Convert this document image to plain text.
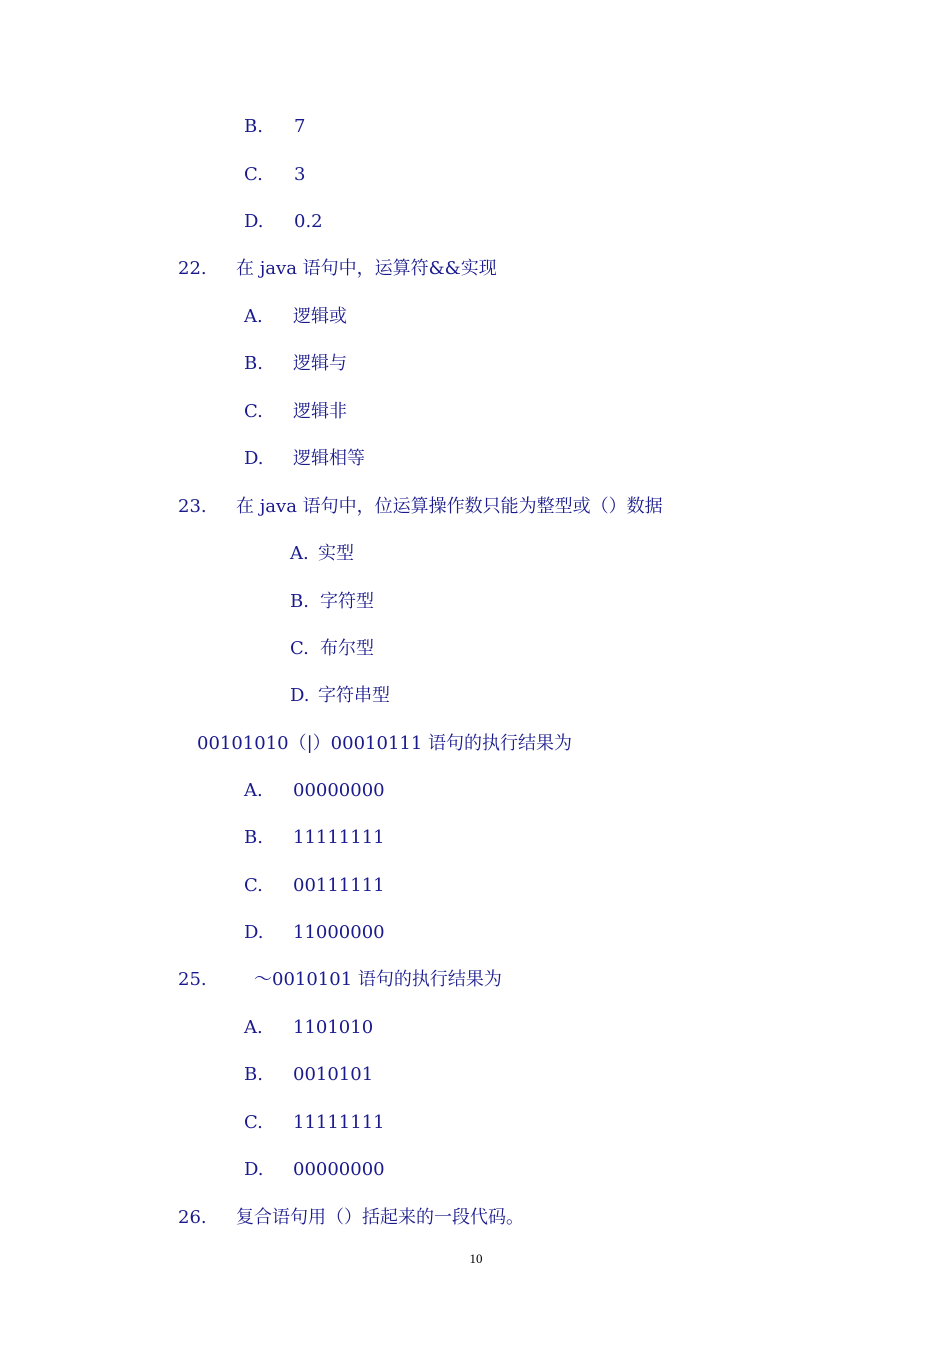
B. 7
C. 3
D. 0.2
22. 在 java 语句中，运算符&&实现
A. 逻辑或
B. 逻辑与
C. 逻辑非
D. 逻辑相等
23. 在 java 语句中，位运算操作数只能为整型或（）数据
A. 实型
B. 字符型
C. 布尔型
D. 字符串型
00101010（|）00010111 语句的执行结果为
A. 00000000
B. 11111111
C. 00111111
D. 11000000
25.	～0010101 语句的执行结果为
A. 1101010
B. 0010101
C. 11111111
D. 00000000
26. 复合语句用（）括起来的一段代码。
10
